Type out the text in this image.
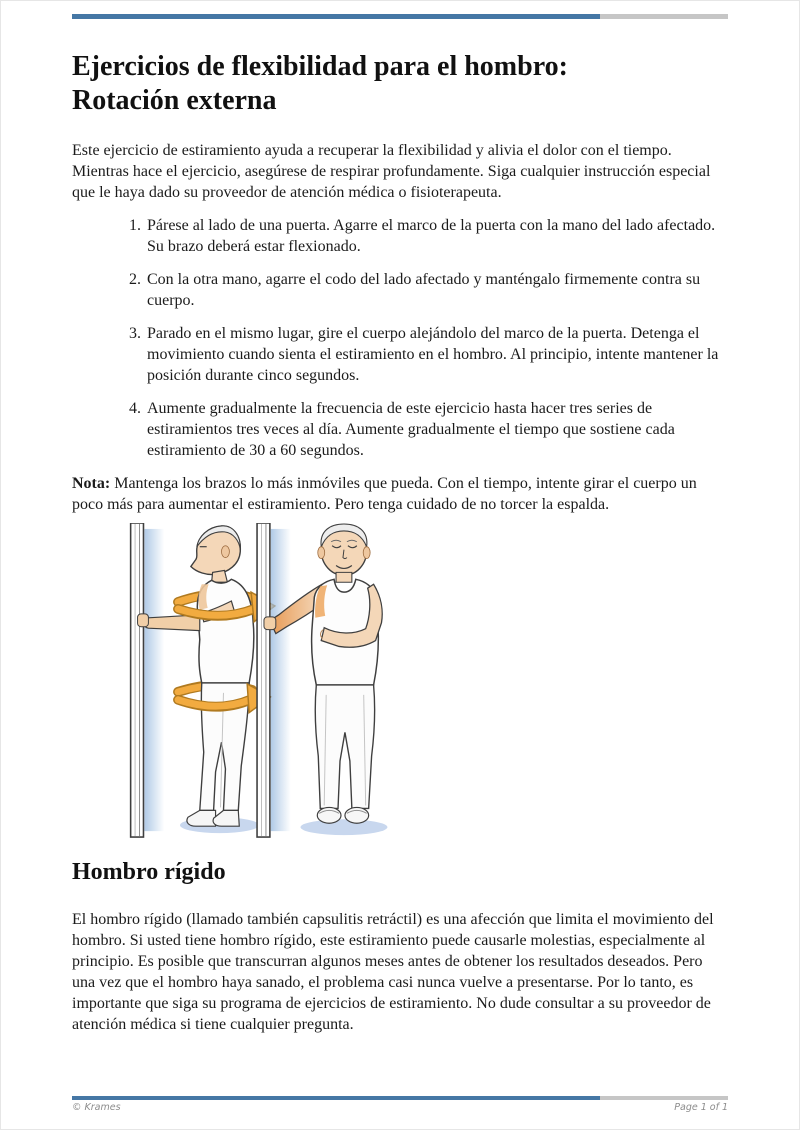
Ejercicios de flexibilidad para el hombro:
Rotación externa

Este ejercicio de estiramiento ayuda a recuperar la flexibilidad y alivia el dolor con el tiempo. Mientras hace el ejercicio, asegúrese de respirar profundamente. Siga cualquier instrucción especial que le haya dado su proveedor de atención médica o fisioterapeuta.

1. Párese al lado de una puerta. Agarre el marco de la puerta con la mano del lado afectado. Su brazo deberá estar flexionado.
2. Con la otra mano, agarre el codo del lado afectado y manténgalo firmemente contra su cuerpo.
3. Parado en el mismo lugar, gire el cuerpo alejándolo del marco de la puerta. Detenga el movimiento cuando sienta el estiramiento en el hombro. Al principio, intente mantener la posición durante cinco segundos.
4. Aumente gradualmente la frecuencia de este ejercicio hasta hacer tres series de estiramientos tres veces al día. Aumente gradualmente el tiempo que sostiene cada estiramiento de 30 a 60 segundos.

Nota: Mantenga los brazos lo más inmóviles que pueda. Con el tiempo, intente girar el cuerpo un poco más para aumentar el estiramiento. Pero tenga cuidado de no torcer la espalda.

Hombro rígido

El hombro rígido (llamado también capsulitis retráctil) es una afección que limita el movimiento del hombro. Si usted tiene hombro rígido, este estiramiento puede causarle molestias, especialmente al principio. Es posible que transcurran algunos meses antes de obtener los resultados deseados. Pero una vez que el hombro haya sanado, el problema casi nunca vuelve a presentarse. Por lo tanto, es importante que siga su programa de ejercicios de estiramiento. No dude consultar a su proveedor de atención médica si tiene cualquier pregunta.

© Krames	Page 1 of 1
